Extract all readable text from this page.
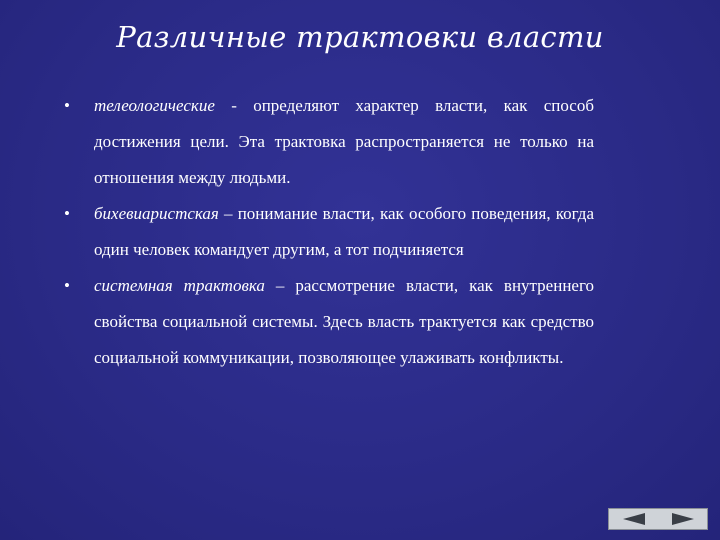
Различные трактовки власти
• телеологические - определяют характер власти, как способ достижения цели. Эта трактовка распространяется не только на отношения между людьми.
• бихевиаристская – понимание власти, как особого поведения, когда один человек командует другим, а тот подчиняется
• системная трактовка – рассмотрение власти, как внутреннего свойства социальной системы. Здесь власть трактуется как средство социальной коммуникации, позволяющее улаживать конфликты.
